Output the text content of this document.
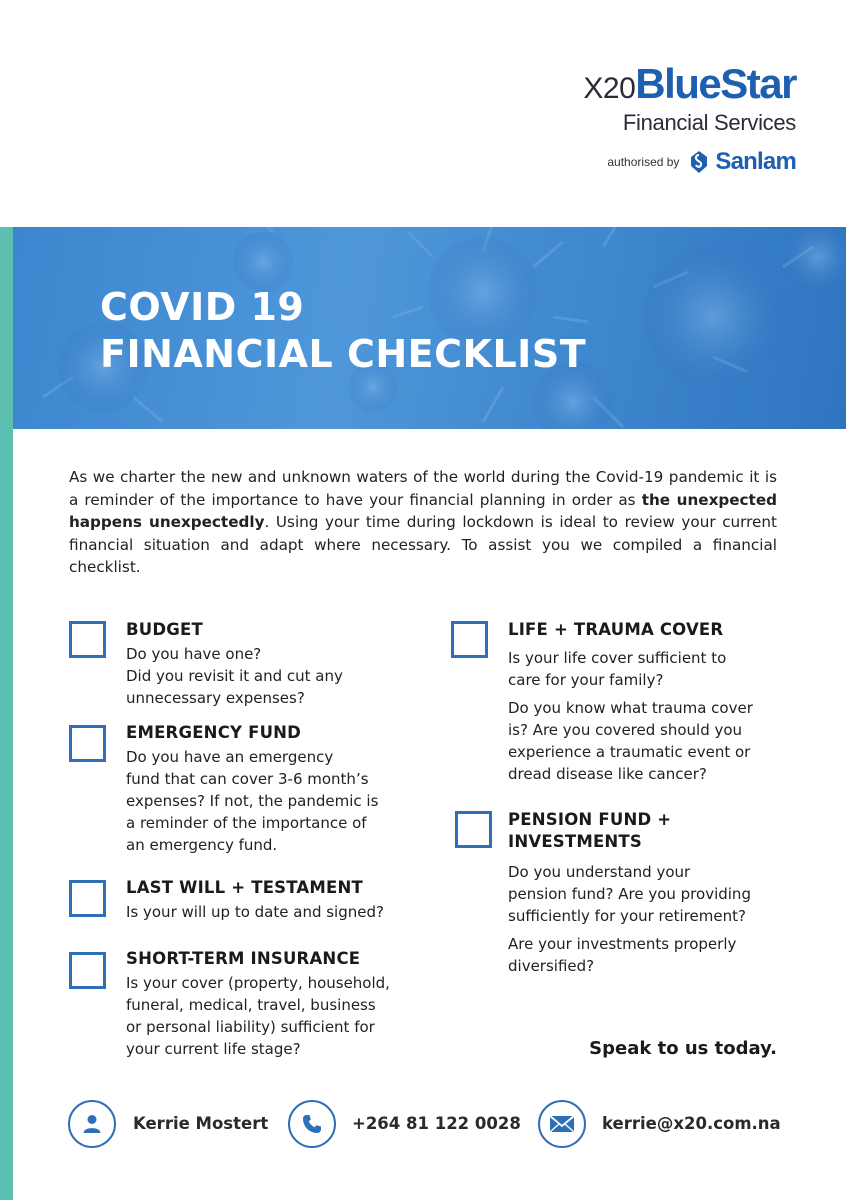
X20BlueStar
Financial Services
authorised by Sanlam
COVID 19
FINANCIAL CHECKLIST
As we charter the new and unknown waters of the world during the Covid-19 pandemic it is a reminder of the importance to have your financial planning in order as the unexpected happens unexpectedly. Using your time during lockdown is ideal to review your current financial situation and adapt where necessary. To assist you we compiled a financial checklist.
BUDGET
Do you have one?
Did you revisit it and cut any
unnecessary expenses?
EMERGENCY FUND
Do you have an emergency
fund that can cover 3-6 month’s
expenses? If not, the pandemic is
a reminder of the importance of
an emergency fund.
LAST WILL + TESTAMENT
Is your will up to date and signed?
SHORT-TERM INSURANCE
Is your cover (property, household,
funeral, medical, travel, business
or personal liability) sufficient for
your current life stage?
LIFE + TRAUMA COVER
Is your life cover sufficient to
care for your family?
Do you know what trauma cover
is? Are you covered should you
experience a traumatic event or
dread disease like cancer?
PENSION FUND +
INVESTMENTS
Do you understand your
pension fund? Are you providing
sufficiently for your retirement?
Are your investments properly
diversified?
Speak to us today.
Kerrie Mostert	+264 81 122 0028	kerrie@x20.com.na
